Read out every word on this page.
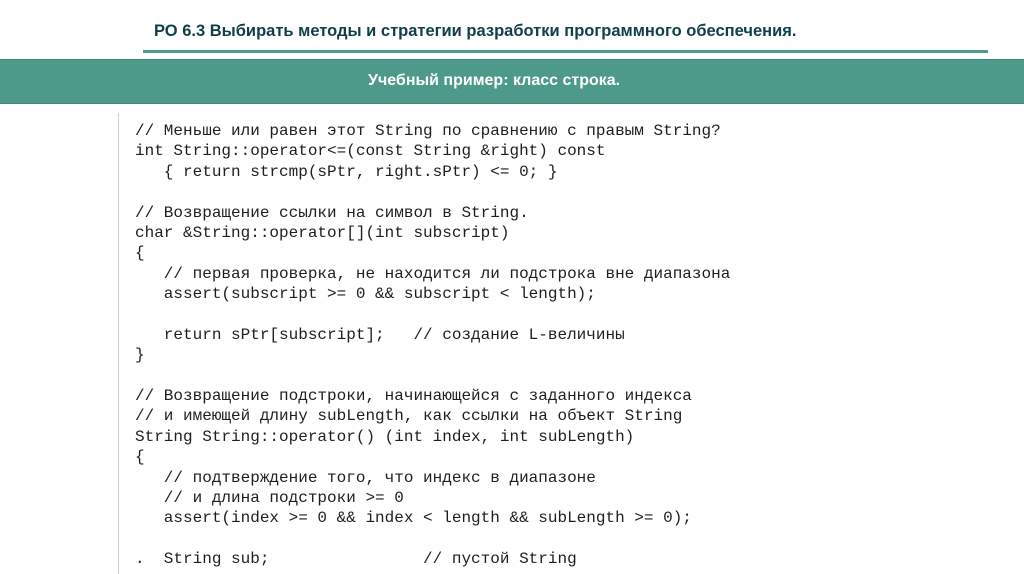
РО 6.3 Выбирать методы и стратегии разработки программного обеспечения.
Учебный пример: класс строка.
// Меньше или равен этот String по сравнению с правым String?
int String::operator<=(const String &right) const
{ return strcmp(sPtr, right.sPtr) <= 0; }
// Возвращение ссылки на символ в String.
char &String::operator[](int subscript)
{
// первая проверка, не находится ли подстрока вне диапазона
assert(subscript >= 0 && subscript < length);
return sPtr[subscript];   // создание L-величины
}
// Возвращение подстроки, начинающейся с заданного индекса
// и имеющей длину subLength, как ссылки на объект String
String String::operator() (int index, int subLength)
{
// подтверждение того, что индекс в диапазоне
// и длина подстроки >= 0
assert(index >= 0 && index < length && subLength >= 0);
.  String sub;                // пустой String
